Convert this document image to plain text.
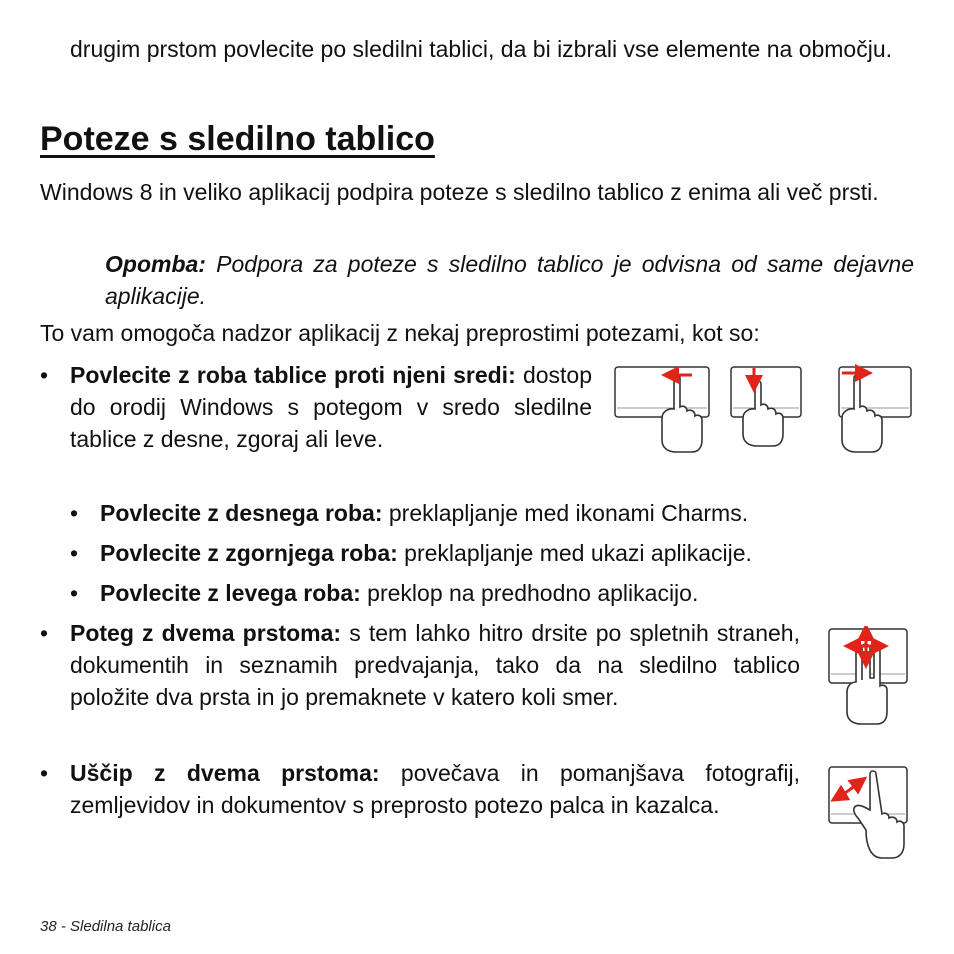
drugim prstom povlecite po sledilni tablici, da bi izbrali vse elemente na območju.

Poteze s sledilno tablico

Windows 8 in veliko aplikacij podpira poteze s sledilno tablico z enima ali več prsti.

Opomba: Podpora za poteze s sledilno tablico je odvisna od same dejavne aplikacije.

To vam omogoča nadzor aplikacij z nekaj preprostimi potezami, kot so:

• Povlecite z roba tablice proti njeni sredi: dostop do orodij Windows s potegom v sredo sledilne tablice z desne, zgoraj ali leve.

• Povlecite z desnega roba: preklapljanje med ikonami Charms.

• Povlecite z zgornjega roba: preklapljanje med ukazi aplikacije.

• Povlecite z levega roba: preklop na predhodno aplikacijo.

• Poteg z dvema prstoma: s tem lahko hitro drsite po spletnih straneh, dokumentih in seznamih predvajanja, tako da na sledilno tablico položite dva prsta in jo premaknete v katero koli smer.

• Uščip z dvema prstoma: povečava in pomanjšava fotografij, zemljevidov in dokumentov s preprosto potezo palca in kazalca.

38 - Sledilna tablica
